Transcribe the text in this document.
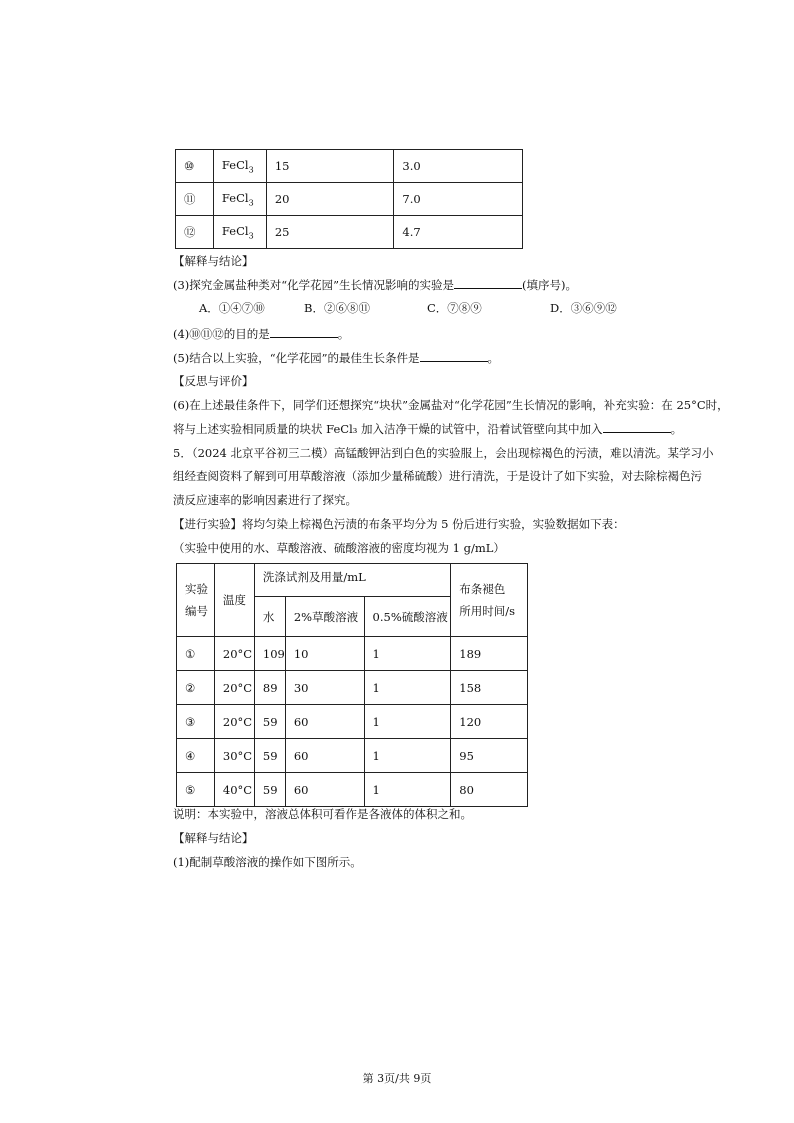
⑩	FeCl$_3$	15	3.0
⑪	FeCl$_3$	20	7.0
⑫	FeCl$_3$	25	4.7
【解释与结论】
(3)探究金属盐种类对“化学花园”生长情况影响的实验是	(填序号)。
A．①④⑦⑩	B．②⑥⑧⑪	C．⑦⑧⑨	D．③⑥⑨⑫
(4)⑩⑪⑫的目的是	。
(5)结合以上实验，“化学花园”的最佳生长条件是	。
【反思与评价】
(6)在上述最佳条件下，同学们还想探究“块状”金属盐对“化学花园”生长情况的影响，补充实验：在 25°C时，
将与上述实验相同质量的块状 FeCl₃ 加入洁净干燥的试管中，沿着试管壁向其中加入	。
5．（2024 北京平谷初三二模）高锰酸钾沾到白色的实验服上，会出现棕褐色的污渍，难以清洗。某学习小
组经查阅资料了解到可用草酸溶液（添加少量稀硫酸）进行清洗，于是设计了如下实验，对去除棕褐色污
渍反应速率的影响因素进行了探究。
【进行实验】将均匀染上棕褐色污渍的布条平均分为 5 份后进行实验，实验数据如下表：
（实验中使用的水、草酸溶液、硫酸溶液的密度均视为 1 g/mL）
实验
编号	温度	洗涤试剂及用量/mL			布条褪色
所用时间/s
		水	2%草酸溶液	0.5%硫酸溶液	
①	20°C	109	10	1	189
②	20°C	89	30	1	158
③	20°C	59	60	1	120
④	30°C	59	60	1	95
⑤	40°C	59	60	1	80
说明：本实验中，溶液总体积可看作是各液体的体积之和。
【解释与结论】
(1)配制草酸溶液的操作如下图所示。
第 3页/共 9页
